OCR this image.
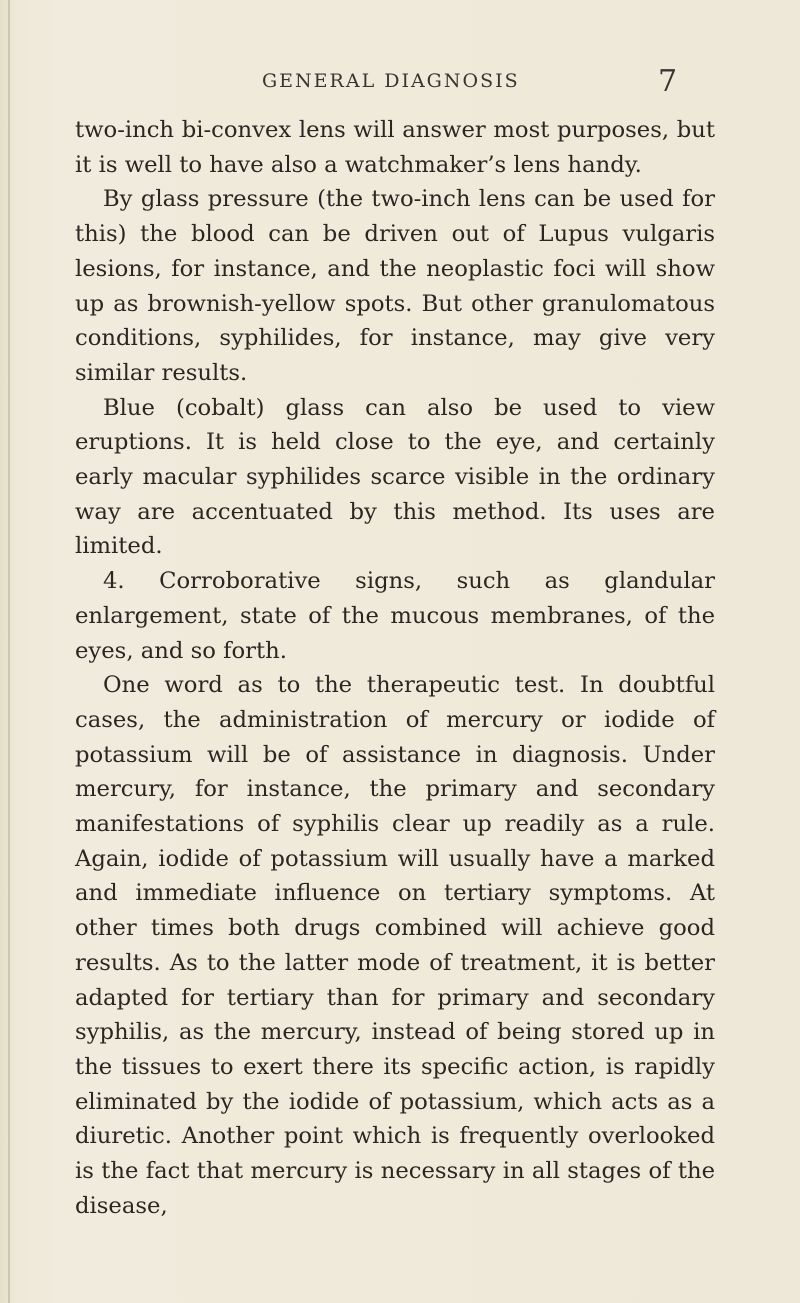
GENERAL DIAGNOSIS	7

two-inch bi-convex lens will answer most purposes, but it is well to have also a watchmaker’s lens handy.

By glass pressure (the two-inch lens can be used for this) the blood can be driven out of Lupus vulgaris lesions, for instance, and the neoplastic foci will show up as brownish-yellow spots. But other granulomatous conditions, syphilides, for instance, may give very similar results.

Blue (cobalt) glass can also be used to view eruptions. It is held close to the eye, and certainly early macular syphilides scarce visible in the ordinary way are accentuated by this method. Its uses are limited.

4. Corroborative signs, such as glandular enlargement, state of the mucous membranes, of the eyes, and so forth.

One word as to the therapeutic test. In doubtful cases, the administration of mercury or iodide of potassium will be of assistance in diagnosis. Under mercury, for instance, the primary and secondary manifestations of syphilis clear up readily as a rule. Again, iodide of potassium will usually have a marked and immediate influence on tertiary symptoms. At other times both drugs combined will achieve good results. As to the latter mode of treatment, it is better adapted for tertiary than for primary and secondary syphilis, as the mercury, instead of being stored up in the tissues to exert there its specific action, is rapidly eliminated by the iodide of potassium, which acts as a diuretic. Another point which is frequently overlooked is the fact that mercury is necessary in all stages of the disease,
